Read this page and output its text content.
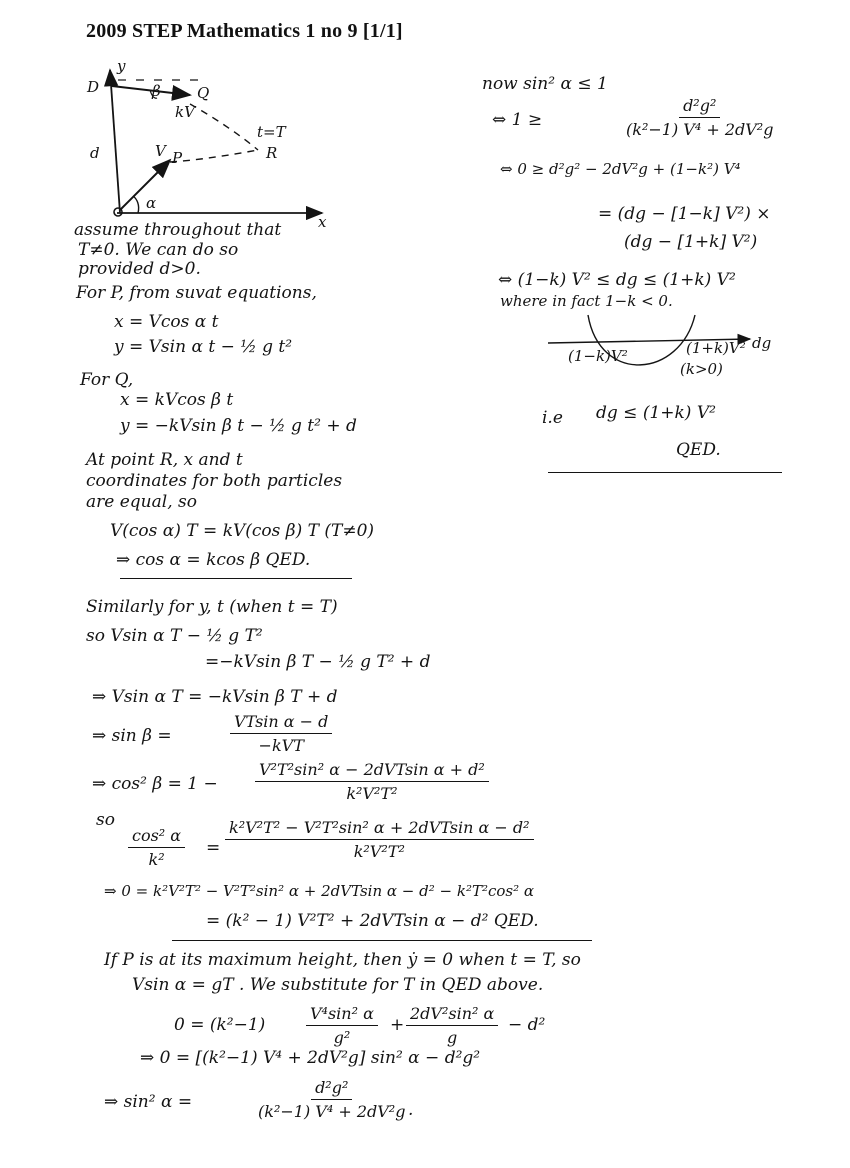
2009 STEP Mathematics 1 no 9 [1/1]
D
y
Q
kV
β
t=T
R
d	V P
α
x
assume throughout that
T≠0. We can do so
provided d>0.
For P, from suvat equations,
x = Vcos α t
y = Vsin α t − ½ g t²
For Q,
x = kVcos β t
y = −kVsin β t − ½ g t² + d
At point R, x and t
coordinates for both particles
are equal, so
V(cos α) T = kV(cos β) T (T≠0)
⇒ cos α = kcos β QED.
Similarly for y, t (when t = T)
so Vsin α T − ½ g T²
=−kVsin β T − ½ g T² + d
⇒ Vsin α T = −kVsin β T + d
⇒ sin β =
VTsin α − d
−kVT
⇒ cos² β = 1 −
V²T²sin² α − 2dVTsin α + d²
k²V²T²
so
$\frac{\text{cos² α}}{\text{k²}}$ =
k²V²T² − V²T²sin² α + 2dVTsin α − d²
k²V²T²
⇒ 0 = k²V²T² − V²T²sin² α + 2dVTsin α − d² − k²T²cos² α
= (k² − 1) V²T² + 2dVTsin α − d² QED.
If P is at its maximum height, then ẏ = 0 when t = T, so
Vsin α = gT . We substitute for T in QED above.
0 = (k²−1)	$\frac{\text{V⁴sin² α}}{\text{g²}} + \frac{\text{2dV²sin² α}}{g} - d^2$
⇒ 0 = [(k²−1) V⁴ + 2dV²g] sin² α − d²g²
⇒ sin² α =	$\frac{\text{d²g²}}{\text{(k²−1) V⁴ + 2dV²g}}$
.
now sin² α ≤ 1
⇔ 1 ≥	$\frac{\text{d²g²}}{\text{(k²−1) V⁴ + 2dV²g}}$
⇔ 0 ≥ d²g² − 2dV²g + (1−k²) V⁴
= (dg − [1−k] V²) ×
(dg − [1+k] V²)
⇔ (1−k) V² ≤ dg ≤ (1+k) V²
where in fact 1−k < 0.
(1−k)V²	(1+k)V² dg
(k>0)
i.e dg ≤ (1+k) V²
QED.
